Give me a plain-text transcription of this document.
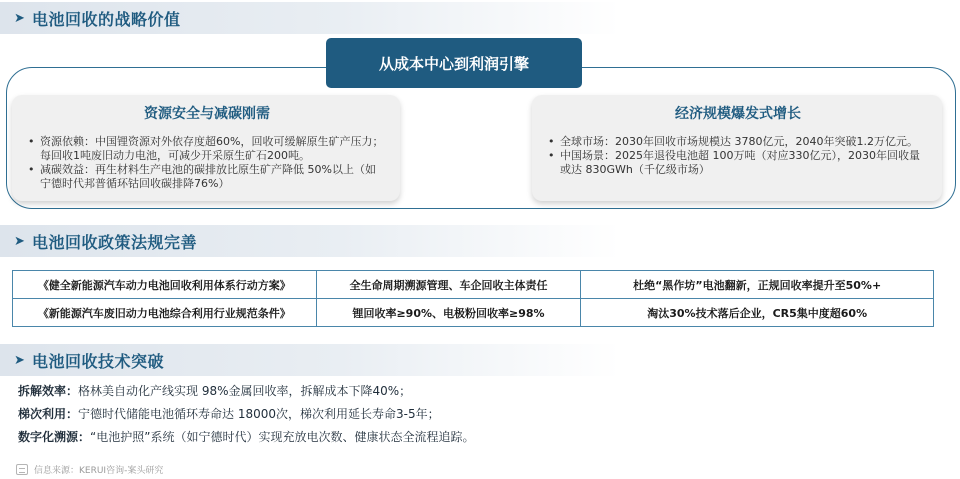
➤ 电池回收的战略价值
从成本中心到利润引擎
资源安全与减碳刚需
• 资源依赖：中国锂资源对外依存度超60%，回收可缓解原生矿产压力；每回收1吨废旧动力电池，可减少开采原生矿石200吨。
• 减碳效益：再生材料生产电池的碳排放比原生矿产降低 50%以上（如宁德时代邦普循环钴回收碳排降76%）
经济规模爆发式增长
• 全球市场：2030年回收市场规模达 3780亿元，2040年突破1.2万亿元。
• 中国场景：2025年退役电池超 100万吨（对应330亿元），2030年回收量或达 830GWh（千亿级市场）
➤ 电池回收政策法规完善
《健全新能源汽车动力电池回收利用体系行动方案》	全生命周期溯源管理、车企回收主体责任	杜绝“黑作坊”电池翻新，正规回收率提升至50%+
《新能源汽车废旧动力电池综合利用行业规范条件》	锂回收率≥90%、电极粉回收率≥98%	淘汰30%技术落后企业，CR5集中度超60%
➤ 电池回收技术突破
拆解效率：格林美自动化产线实现 98%金属回收率，拆解成本下降40%；
梯次利用：宁德时代储能电池循环寿命达 18000次，梯次利用延长寿命3-5年；
数字化溯源：“电池护照”系统（如宁德时代）实现充放电次数、健康状态全流程追踪。
信息来源：KERUI咨询-案头研究
